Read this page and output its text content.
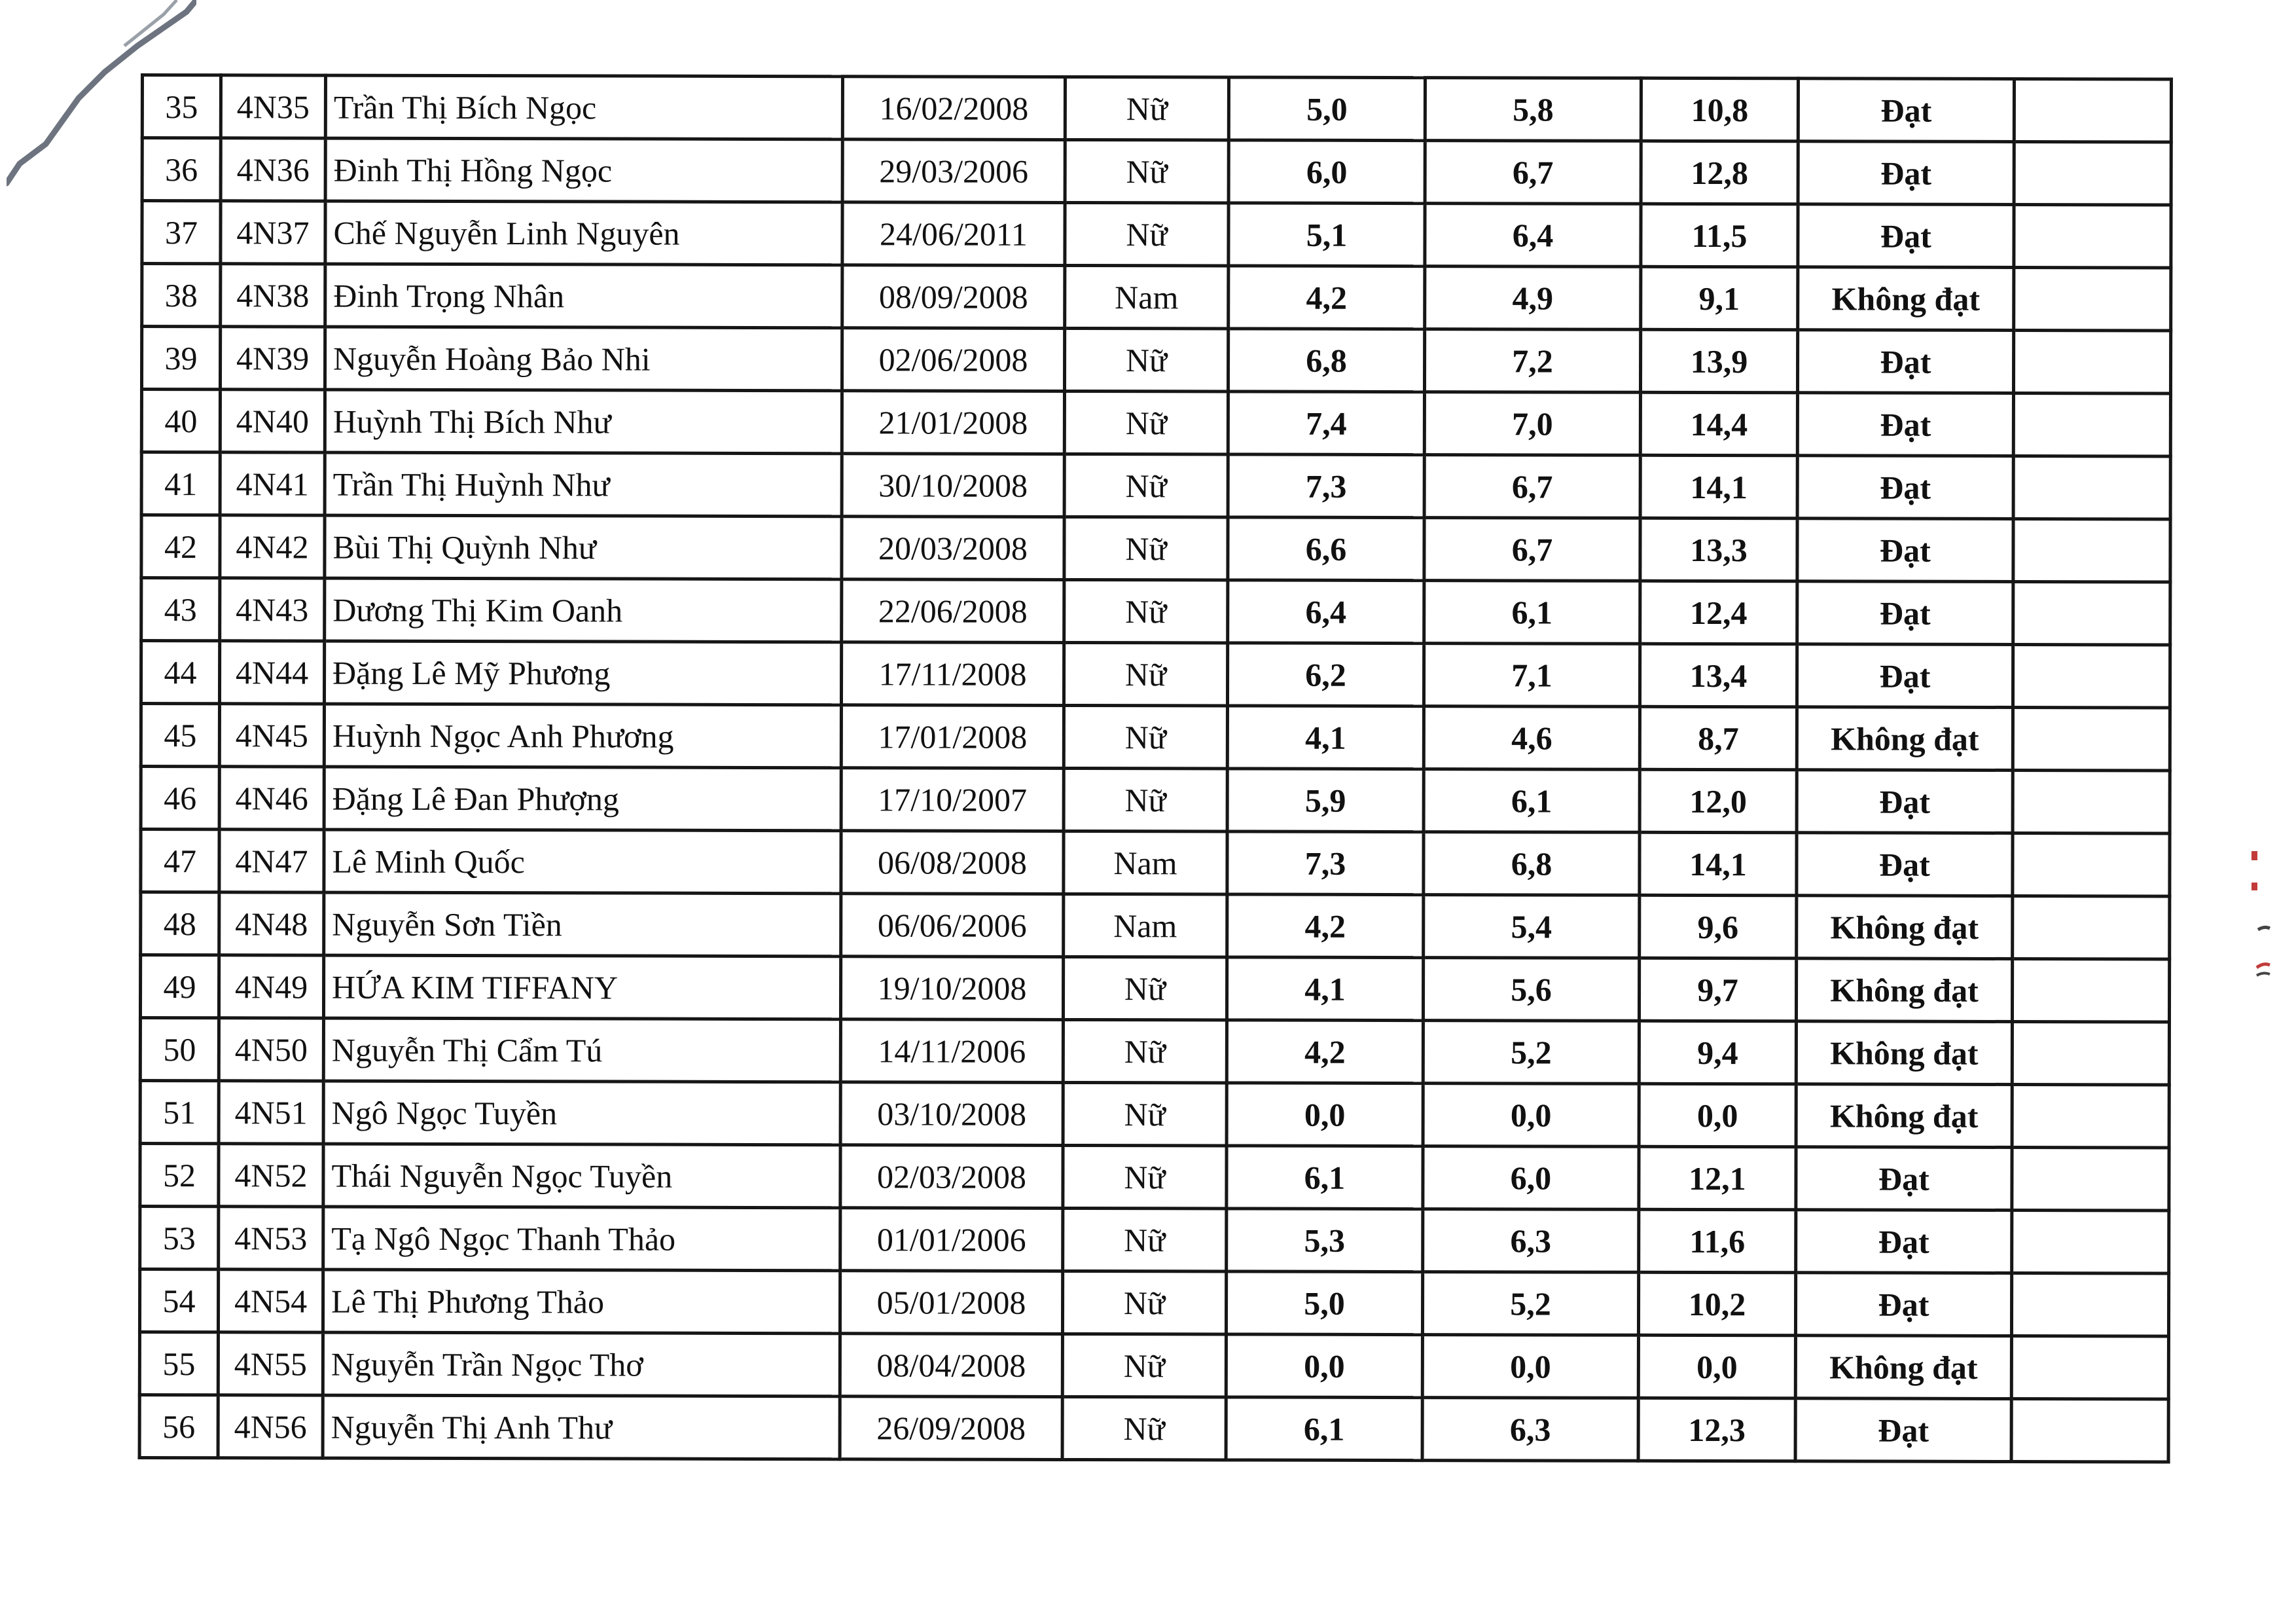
35	4N35	Trần Thị Bích Ngọc	16/02/2008	Nữ	5,0	5,8	10,8	Đạt	
36	4N36	Đinh Thị Hồng Ngọc	29/03/2006	Nữ	6,0	6,7	12,8	Đạt	
37	4N37	Chế Nguyễn Linh Nguyên	24/06/2011	Nữ	5,1	6,4	11,5	Đạt	
38	4N38	Đinh Trọng Nhân	08/09/2008	Nam	4,2	4,9	9,1	Không đạt	
39	4N39	Nguyễn Hoàng Bảo Nhi	02/06/2008	Nữ	6,8	7,2	13,9	Đạt	
40	4N40	Huỳnh Thị Bích Như	21/01/2008	Nữ	7,4	7,0	14,4	Đạt	
41	4N41	Trần Thị Huỳnh Như	30/10/2008	Nữ	7,3	6,7	14,1	Đạt	
42	4N42	Bùi Thị Quỳnh Như	20/03/2008	Nữ	6,6	6,7	13,3	Đạt	
43	4N43	Dương Thị Kim Oanh	22/06/2008	Nữ	6,4	6,1	12,4	Đạt	
44	4N44	Đặng Lê Mỹ Phương	17/11/2008	Nữ	6,2	7,1	13,4	Đạt	
45	4N45	Huỳnh Ngọc Anh Phương	17/01/2008	Nữ	4,1	4,6	8,7	Không đạt	
46	4N46	Đặng Lê Đan Phượng	17/10/2007	Nữ	5,9	6,1	12,0	Đạt	
47	4N47	Lê Minh Quốc	06/08/2008	Nam	7,3	6,8	14,1	Đạt	
48	4N48	Nguyễn Sơn Tiền	06/06/2006	Nam	4,2	5,4	9,6	Không đạt	
49	4N49	HỨA KIM TIFFANY	19/10/2008	Nữ	4,1	5,6	9,7	Không đạt	
50	4N50	Nguyễn Thị Cẩm Tú	14/11/2006	Nữ	4,2	5,2	9,4	Không đạt	
51	4N51	Ngô Ngọc Tuyền	03/10/2008	Nữ	0,0	0,0	0,0	Không đạt	
52	4N52	Thái Nguyễn Ngọc Tuyền	02/03/2008	Nữ	6,1	6,0	12,1	Đạt	
53	4N53	Tạ Ngô Ngọc Thanh Thảo	01/01/2006	Nữ	5,3	6,3	11,6	Đạt	
54	4N54	Lê Thị Phương Thảo	05/01/2008	Nữ	5,0	5,2	10,2	Đạt	
55	4N55	Nguyễn Trần Ngọc Thơ	08/04/2008	Nữ	0,0	0,0	0,0	Không đạt	
56	4N56	Nguyễn Thị Anh Thư	26/09/2008	Nữ	6,1	6,3	12,3	Đạt	
